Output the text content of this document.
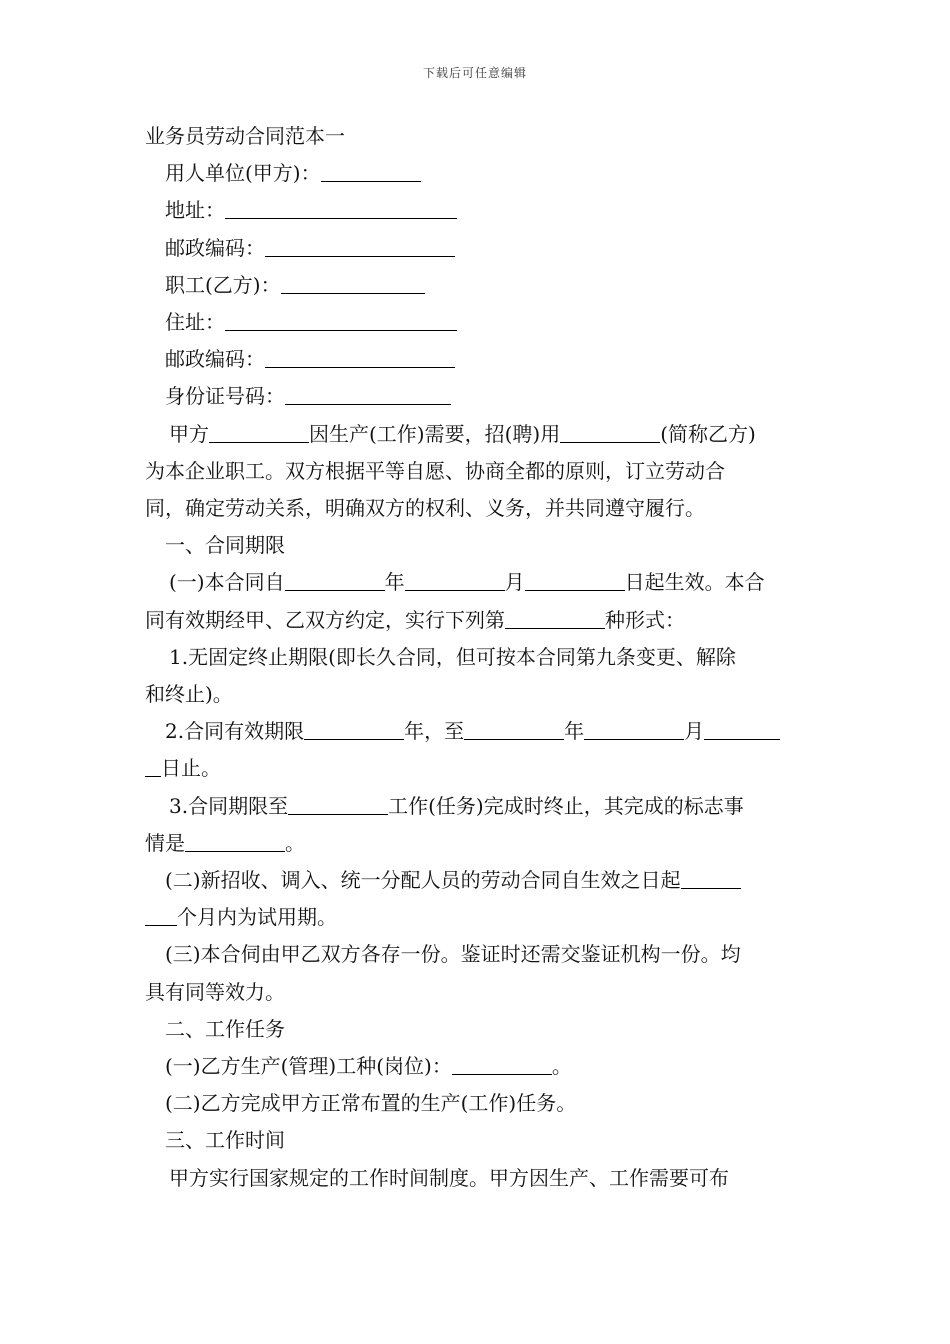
下载后可任意编辑
业务员劳动合同范本一
用人单位(甲方)：
地址：
邮政编码：
职工(乙方)：
住址：
邮政编码：
身份证号码：
甲方	因生产(工作)需要，招(聘)用	(简称乙方)
为本企业职工。双方根据平等自愿、协商全都的原则，订立劳动合
同，确定劳动关系，明确双方的权利、义务，并共同遵守履行。
一、合同期限
(一)本合同自	年	月	日起生效。本合
同有效期经甲、乙双方约定，实行下列第	种形式：
1.无固定终止期限(即长久合同，但可按本合同第九条变更、解除
和终止)。
2.合同有效期限	年，至	年	月
日止。
3.合同期限至	工作(任务)完成时终止，其完成的标志事
情是	。
(二)新招收、调入、统一分配人员的劳动合同自生效之日起
个月内为试用期。
(三)本合伺由甲乙双方各存一份。鉴证时还需交鉴证机构一份。均
具有同等效力。
二、工作任务
(一)乙方生产(管理)工种(岗位)：	。
(二)乙方完成甲方正常布置的生产(工作)任务。
三、工作时间
甲方实行国家规定的工作时间制度。甲方因生产、工作需要可布
